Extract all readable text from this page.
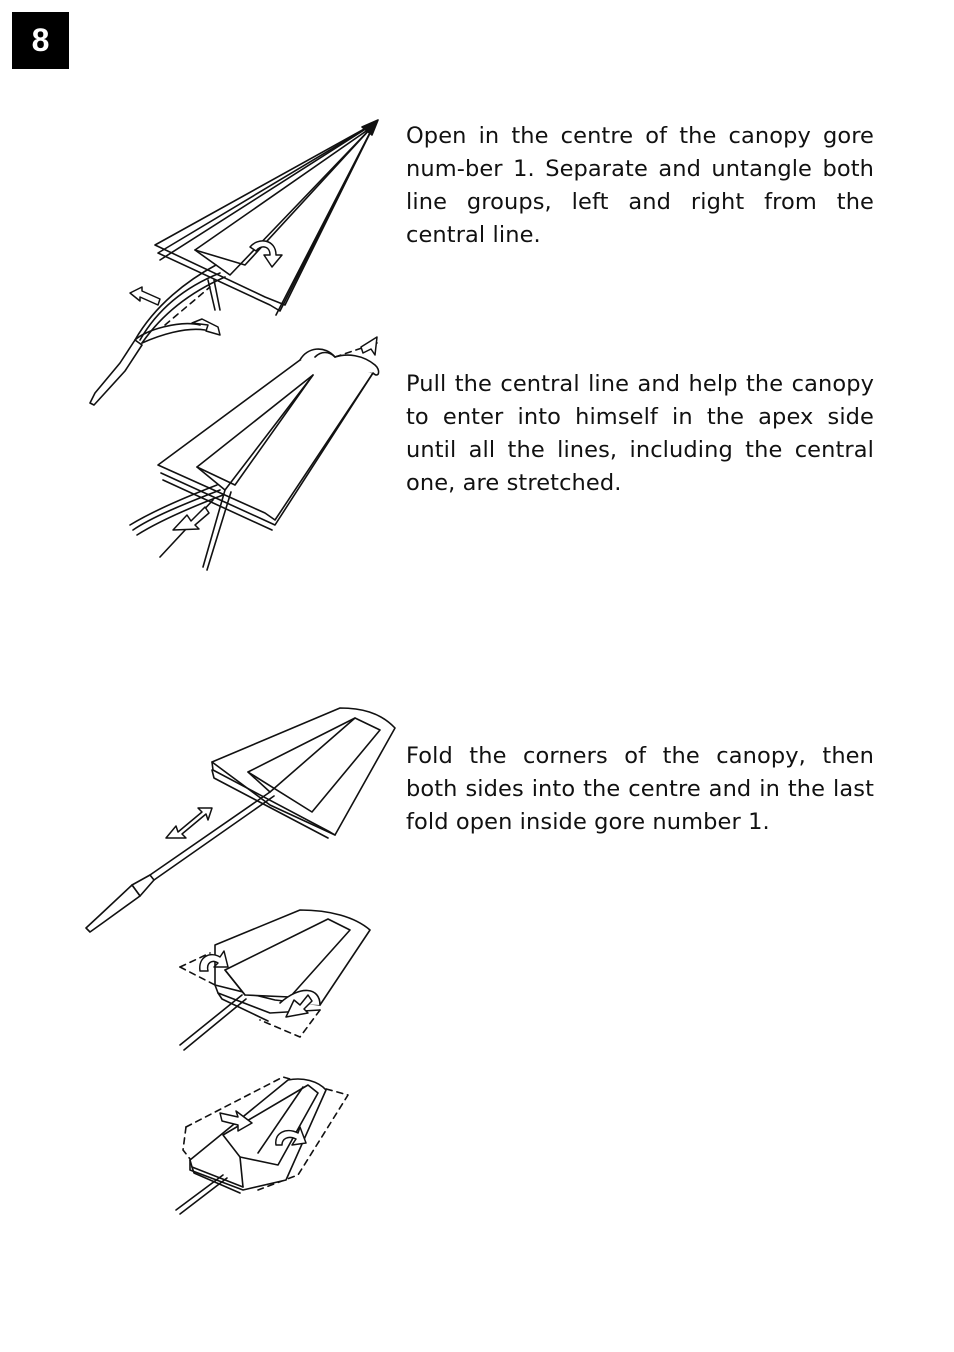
8

Open in the centre of the canopy gore num-ber 1. Separate and untangle both line groups, left and right from the central line.

Pull the central line and help the canopy to enter into himself in the apex side until all the lines, including the central one, are stretched.

Fold the corners of the canopy, then both sides into the centre and in the last fold open inside gore number 1.
